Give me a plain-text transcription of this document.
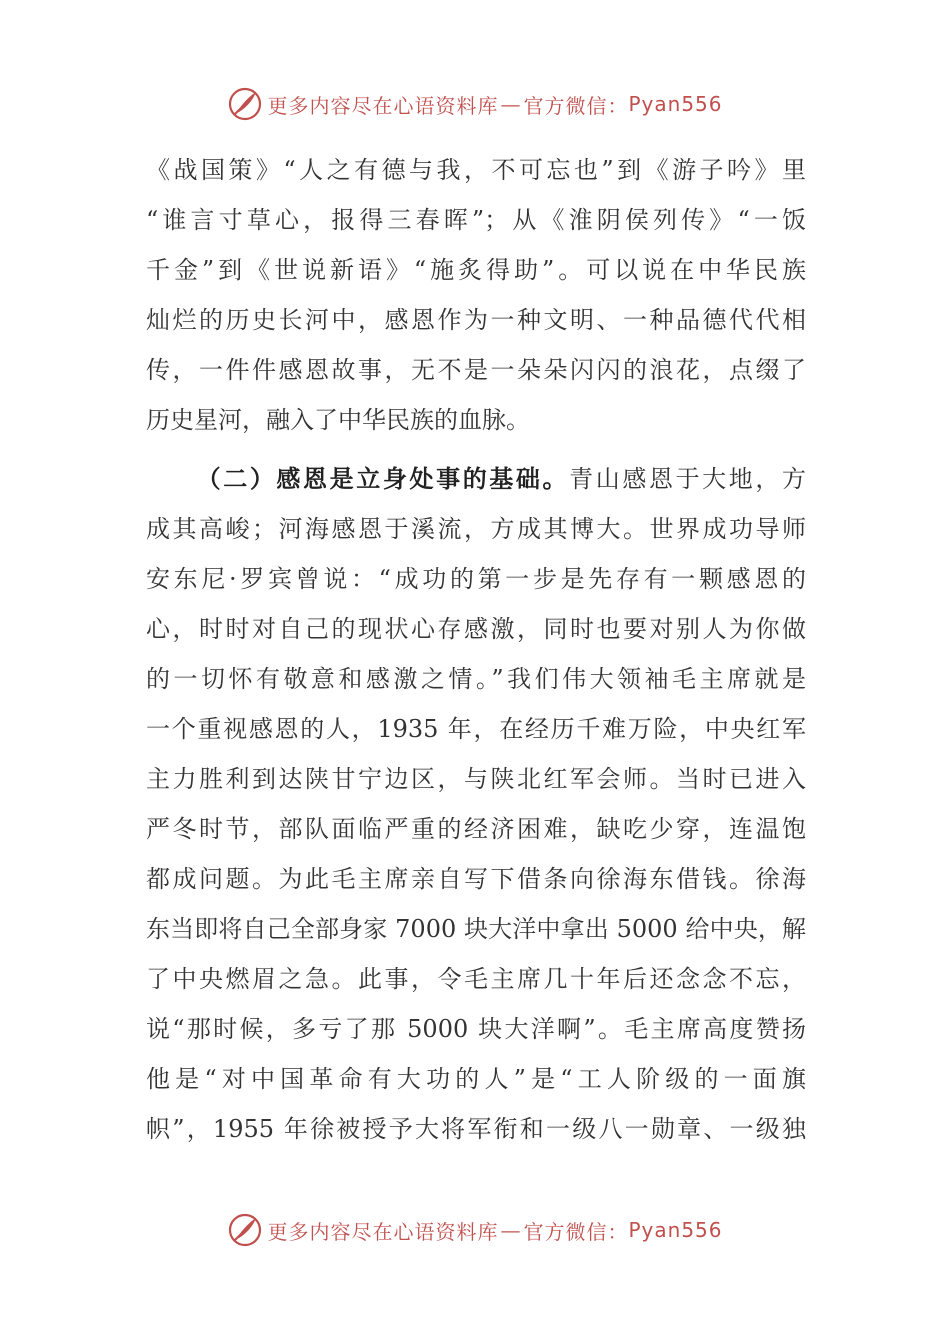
更多内容尽在心语资料库 — 官方微信： Pyan556
《战国策》“人之有德与我，不可忘也”到《游子吟》里
“谁言寸草心，报得三春晖”；从《淮阴侯列传》“一饭
千金”到《世说新语》“施炙得助”。可以说在中华民族
灿烂的历史长河中，感恩作为一种文明、一种品德代代相
传，一件件感恩故事，无不是一朵朵闪闪的浪花，点缀了
历史星河，融入了中华民族的血脉。
（二）感恩是立身处事的基础。青山感恩于大地，方
成其高峻；河海感恩于溪流，方成其博大。世界成功导师
安东尼·罗宾曾说：“成功的第一步是先存有一颗感恩的
心，时时对自己的现状心存感激，同时也要对别人为你做
的一切怀有敬意和感激之情。”我们伟大领袖毛主席就是
一个重视感恩的人，1935 年，在经历千难万险，中央红军
主力胜利到达陕甘宁边区，与陕北红军会师。当时已进入
严冬时节，部队面临严重的经济困难，缺吃少穿，连温饱
都成问题。为此毛主席亲自写下借条向徐海东借钱。徐海
东当即将自己全部身家 7000 块大洋中拿出 5000 给中央，解
了中央燃眉之急。此事，令毛主席几十年后还念念不忘，
说“那时候，多亏了那 5000 块大洋啊”。毛主席高度赞扬
他是“对中国革命有大功的人”是“工人阶级的一面旗
帜”，1955 年徐被授予大将军衔和一级八一勋章、一级独
更多内容尽在心语资料库 — 官方微信： Pyan556
